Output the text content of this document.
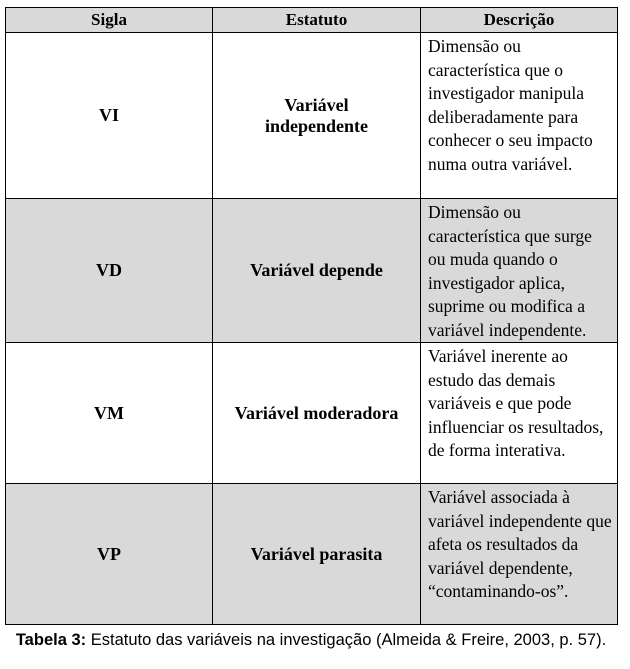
Sigla	Estatuto	Descrição
VI	Variável independente	Dimensão ou característica que o investigador manipula deliberadamente para conhecer o seu impacto numa outra variável.
VD	Variável depende	Dimensão ou característica que surge ou muda quando o investigador aplica, suprime ou modifica a variável independente.
VM	Variável moderadora	Variável inerente ao estudo das demais variáveis e que pode influenciar os resultados, de forma interativa.
VP	Variável parasita	Variável associada à variável independente que afeta os resultados da variável dependente, “contaminando-os”.
Tabela 3: Estatuto das variáveis na investigação (Almeida & Freire, 2003, p. 57).
